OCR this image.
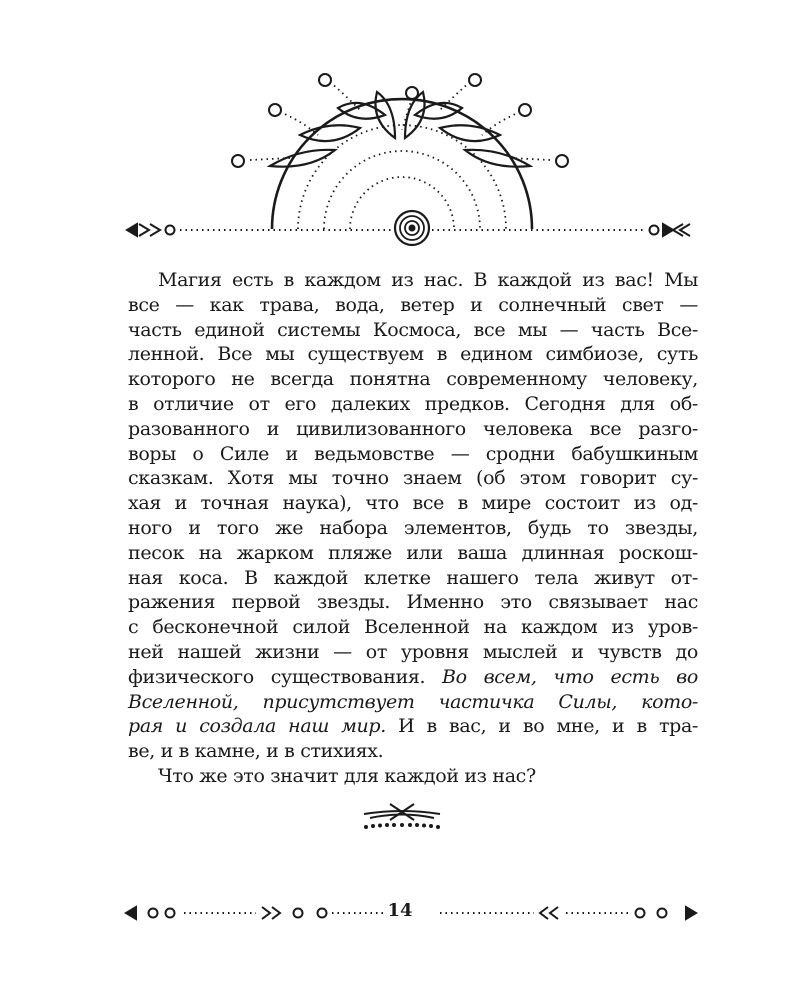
Магия есть в каждом из нас. В каждой из вас! Мы
все — как трава, вода, ветер и солнечный свет —
часть единой системы Космоса, все мы — часть Все-
ленной. Все мы существуем в едином симбиозе, суть
которого не всегда понятна современному человеку,
в отличие от его далеких предков. Сегодня для об-
разованного и цивилизованного человека все разго-
воры о Силе и ведьмовстве — сродни бабушкиным
сказкам. Хотя мы точно знаем (об этом говорит су-
хая и точная наука), что все в мире состоит из од-
ного и того же набора элементов, будь то звезды,
песок на жарком пляже или ваша длинная роскош-
ная коса. В каждой клетке нашего тела живут от-
ражения первой звезды. Именно это связывает нас
с бесконечной силой Вселенной на каждом из уров-
ней нашей жизни — от уровня мыслей и чувств до
физического существования. Во всем, что есть во
Вселенной, присутствует частичка Силы, кото-
рая и создала наш мир. И в вас, и во мне, и в тра-
ве, и в камне, и в стихиях.
Что же это значит для каждой из нас?
14
